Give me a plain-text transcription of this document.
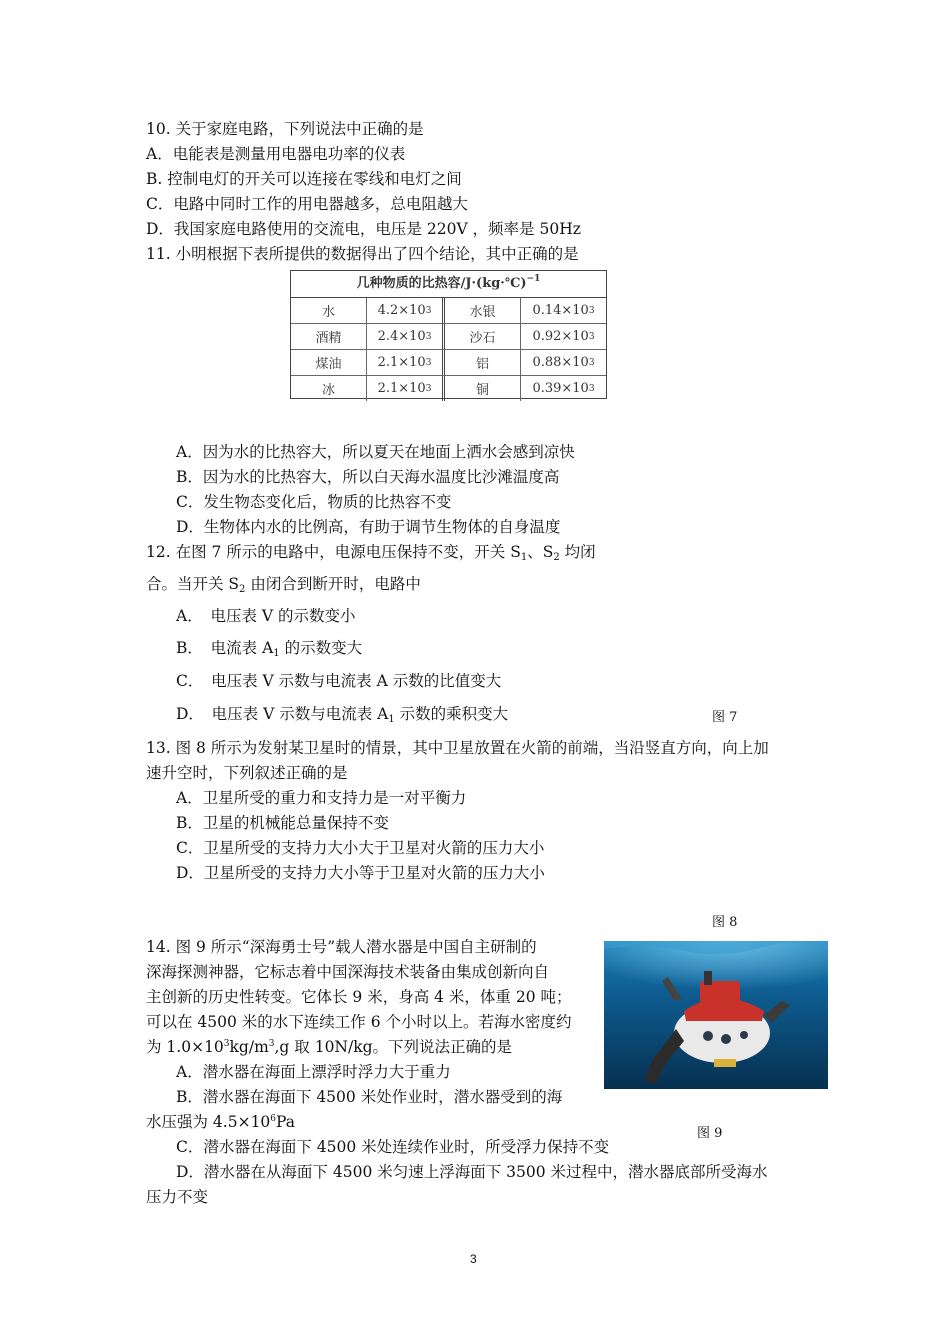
10. 关于家庭电路，下列说法中正确的是
A．电能表是测量用电器电功率的仪表
B. 控制电灯的开关可以连接在零线和电灯之间
C．电路中同时工作的用电器越多，总电阻越大
D．我国家庭电路使用的交流电，电压是 220V ，频率是 50Hz
11. 小明根据下表所提供的数据得出了四个结论，其中正确的是
几种物质的比热容/J·(kg·℃)$^{-1}$
水	4.2×10 3	水银	0.14×10 3
酒精	2.4×10 3	沙石	0.92×10 3
煤油	2.1×10 3	铝	0.88×10 3
冰	2.1×10 3	铜	0.39×10 3
A．因为水的比热容大，所以夏天在地面上洒水会感到凉快
B．因为水的比热容大，所以白天海水温度比沙滩温度高
C．发生物态变化后，物质的比热容不变
D．生物体内水的比例高，有助于调节生物体的自身温度
12. 在图 7 所示的电路中，电源电压保持不变，开关 $S_1$、$S_2$ 均闭
合。当开关 $S_2$ 由闭合到断开时，电路中
A．　电压表 V 的示数变小
B．　电流表 $A_1$ 的示数变大
C．　电压表 V 示数与电流表 A 示数的比值变大
D．　电压表 V 示数与电流表 $A_1$ 示数的乘积变大	图 7
13. 图 8 所示为发射某卫星时的情景，其中卫星放置在火箭的前端，当沿竖直方向，向上加
速升空时，下列叙述正确的是
A．卫星所受的重力和支持力是一对平衡力
B．卫星的机械能总量保持不变
C．卫星所受的支持力大小大于卫星对火箭的压力大小
D．卫星所受的支持力大小等于卫星对火箭的压力大小
图 8
14. 图 9 所示“深海勇士号”载人潜水器是中国自主研制的
深海探测神器，它标志着中国深海技术装备由集成创新向自
主创新的历史性转变。它体长 9 米，身高 4 米，体重 20 吨；
可以在 4500 米的水下连续工作 6 个小时以上。若海水密度约
为 $1.0\times 10^3kg/m^3,g$ 取 10N/kg。下列说法正确的是
A．潜水器在海面上漂浮时浮力大于重力
B．潜水器在海面下 4500 米处作业时，潜水器受到的海
水压强为 $4.5\times 10^6Pa$
C．潜水器在海面下 4500 米处连续作业时，所受浮力保持不变
D．潜水器在从海面下 4500 米匀速上浮海面下 3500 米过程中，潜水器底部所受海水
压力不变
图 9
3
